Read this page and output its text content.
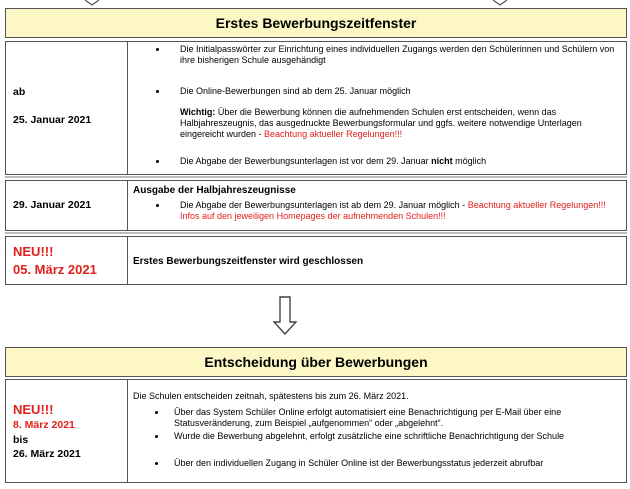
Erstes Bewerbungszeitfenster
ab
25. Januar 2021
Die Initialpasswörter zur Einrichtung eines individuellen Zugangs werden den Schülerinnen und Schülern von ihre bisherigen Schule ausgehändigt
Die Online-Bewerbungen sind ab dem 25. Januar möglich
Wichtig: Über die Bewerbung können die aufnehmenden Schulen erst entscheiden, wenn das Halbjahreszeugnis, das ausgedruckte Bewerbungsformular und ggfs. weitere notwendige Unterlagen eingereicht wurden - Beachtung aktueller Regelungen!!!
Die Abgabe der Bewerbungsunterlagen ist vor dem 29. Januar nicht möglich
29. Januar 2021
Ausgabe der Halbjahreszeugnisse
Die Abgabe der Bewerbungsunterlagen ist ab dem 29. Januar möglich - Beachtung aktueller Regelungen!!! Infos auf den jeweiligen Homepages der aufnehmenden Schulen!!!
NEU!!!
05. März 2021
Erstes Bewerbungszeitfenster wird geschlossen
Entscheidung über Bewerbungen
NEU!!!
8. März 2021
bis
26. März 2021
Die Schulen entscheiden zeitnah, spätestens bis zum 26. März 2021.
Über das System Schüler Online erfolgt automatisiert eine Benachrichtigung per E-Mail über eine Statusveränderung, zum Beispiel „aufgenommen“ oder „abgelehnt“.
Wurde die Bewerbung abgelehnt, erfolgt zusätzliche eine schriftliche Benachrichtigung der Schule
Über den individuellen Zugang in Schüler Online ist der Bewerbungsstatus jederzeit abrufbar
